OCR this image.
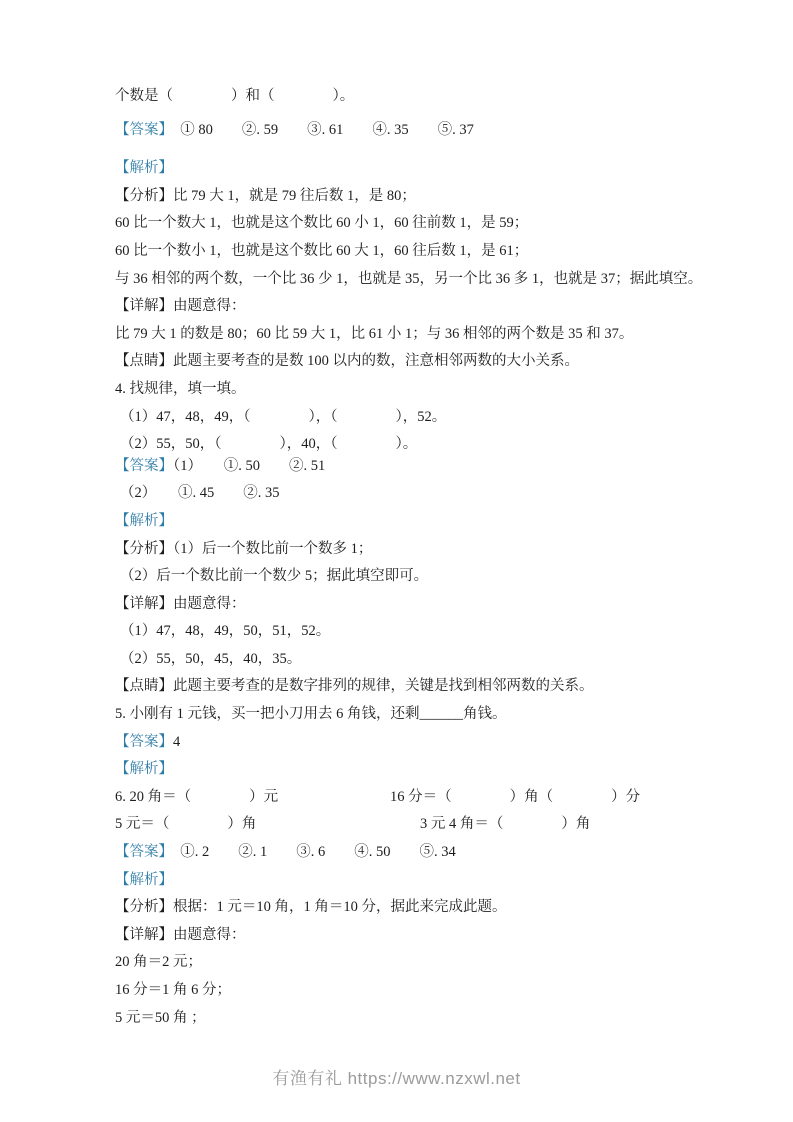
个数是（　　　　）和（　　　　）。
【答案】　① 80　　②. 59　　③. 61　　④. 35　　⑤. 37
【解析】
【分析】比 79 大 1，就是 79 往后数 1，是 80；
60 比一个数大 1，也就是这个数比 60 小 1，60 往前数 1，是 59；
60 比一个数小 1，也就是这个数比 60 大 1，60 往后数 1，是 61；
与 36 相邻的两个数，一个比 36 少 1，也就是 35，另一个比 36 多 1，也就是 37；据此填空。
【详解】由题意得：
比 79 大 1 的数是 80；60 比 59 大 1，比 61 小 1；与 36 相邻的两个数是 35 和 37。
【点睛】此题主要考查的是数 100 以内的数，注意相邻两数的大小关系。
4. 找规律，填一填。
（1）47，48，49，（　　　　），（　　　　），52。
（2）55，50，（　　　　），40，（　　　　）。
【答案】（1）　　①. 50　　②. 51
（2）　　①. 45　　②. 35
【解析】
【分析】（1）后一个数比前一个数多 1；
（2）后一个数比前一个数少 5；据此填空即可。
【详解】由题意得：
（1）47，48，49，50，51，52。
（2）55，50，45，40，35。
【点睛】此题主要考查的是数字排列的规律，关键是找到相邻两数的关系。
5. 小刚有 1 元钱，买一把小刀用去 6 角钱，还剩______角钱。
【答案】4
【解析】
6. 20 角＝（　　　　）元	16 分＝（　　　　）角（　　　　）分
5 元＝（　　　　）角	3 元 4 角＝（　　　　）角
【答案】　①. 2　　②. 1　　③. 6　　④. 50　　⑤. 34
【解析】
【分析】根据：1 元＝10 角，1 角＝10 分，据此来完成此题。
【详解】由题意得：
20 角＝2 元；
16 分＝1 角 6 分；
5 元＝50 角 ；
有渔有礼 https://www.nzxwl.net
